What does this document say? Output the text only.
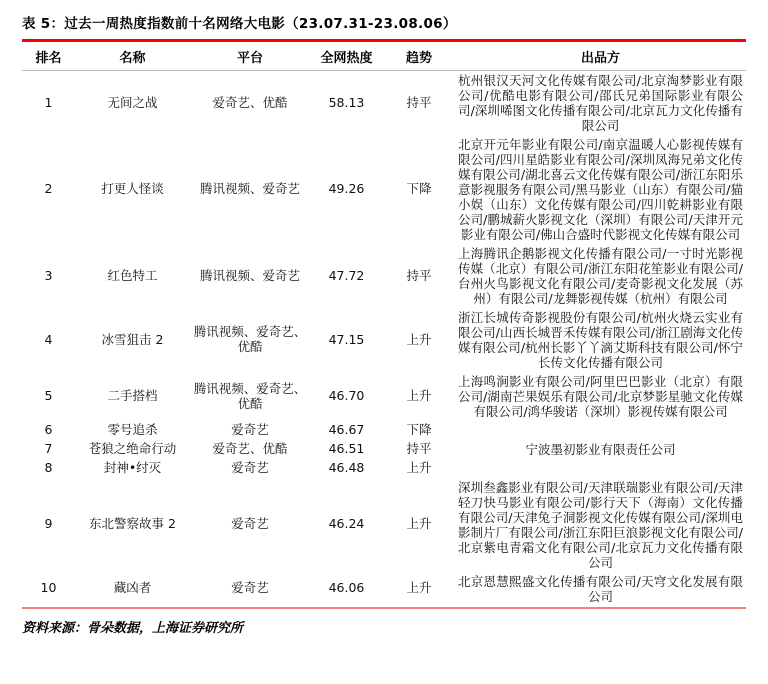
表 5：过去一周热度指数前十名网络大电影（23.07.31-23.08.06）
排名	名称	平台	全网热度	趋势	出品方
1	无间之战	爱奇艺、优酷	58.13	持平	杭州银汉天河文化传媒有限公司/北京淘梦影业有限公司/优酷电影有限公司/邵氏兄弟国际影业有限公司/深圳唏图文化传播有限公司/北京瓦力文化传播有限公司
2	打更人怪谈	腾讯视频、爱奇艺	49.26	下降	北京开元年影业有限公司/南京温暖人心影视传媒有限公司/四川星皓影业有限公司/深圳凤海兄弟文化传媒有限公司/湖北喜云文化传媒有限公司/浙江东阳乐意影视服务有限公司/黑马影业（山东）有限公司/猫小娱（山东）文化传媒有限公司/四川乾耕影业有限公司/鹏城薪火影视文化（深圳）有限公司/天津开元影业有限公司/佛山合盛时代影视文化传媒有限公司
3	红色特工	腾讯视频、爱奇艺	47.72	持平	上海腾讯企鹅影视文化传播有限公司/一寸时光影视传媒（北京）有限公司/浙江东阳花笙影业有限公司/台州火鸟影视文化有限公司/麦奇影视文化发展（苏州）有限公司/龙舞影视传媒（杭州）有限公司
4	冰雪狙击 2	腾讯视频、爱奇艺、优酷	47.15	上升	浙江长城传奇影视股份有限公司/杭州火烧云实业有限公司/山西长城晋禾传媒有限公司/浙江剧海文化传媒有限公司/杭州长影丫丫滴艾斯科技有限公司/怀宁长传文化传播有限公司
5	二手搭档	腾讯视频、爱奇艺、优酷	46.70	上升	上海鸣涧影业有限公司/阿里巴巴影业（北京）有限公司/湖南芒果娱乐有限公司/北京梦影星驰文化传媒有限公司/鸿华骏诺（深圳）影视传媒有限公司
6	零号追杀	爱奇艺	46.67	下降	
7	苍狼之绝命行动	爱奇艺、优酷	46.51	持平	宁波墨初影业有限责任公司
8	封神•纣灭	爱奇艺	46.48	上升	
9	东北警察故事 2	爱奇艺	46.24	上升	深圳叁鑫影业有限公司/天津联瑞影业有限公司/天津轻刀快马影业有限公司/影行天下（海南）文化传播有限公司/天津兔子洞影视文化传媒有限公司/深圳电影制片厂有限公司/浙江东阳巨浪影视文化有限公司/北京紫电青霜文化有限公司/北京瓦力文化传播有限公司
10	藏凶者	爱奇艺	46.06	上升	北京恩慧熙盛文化传播有限公司/天穹文化发展有限公司
资料来源：骨朵数据，上海证券研究所
